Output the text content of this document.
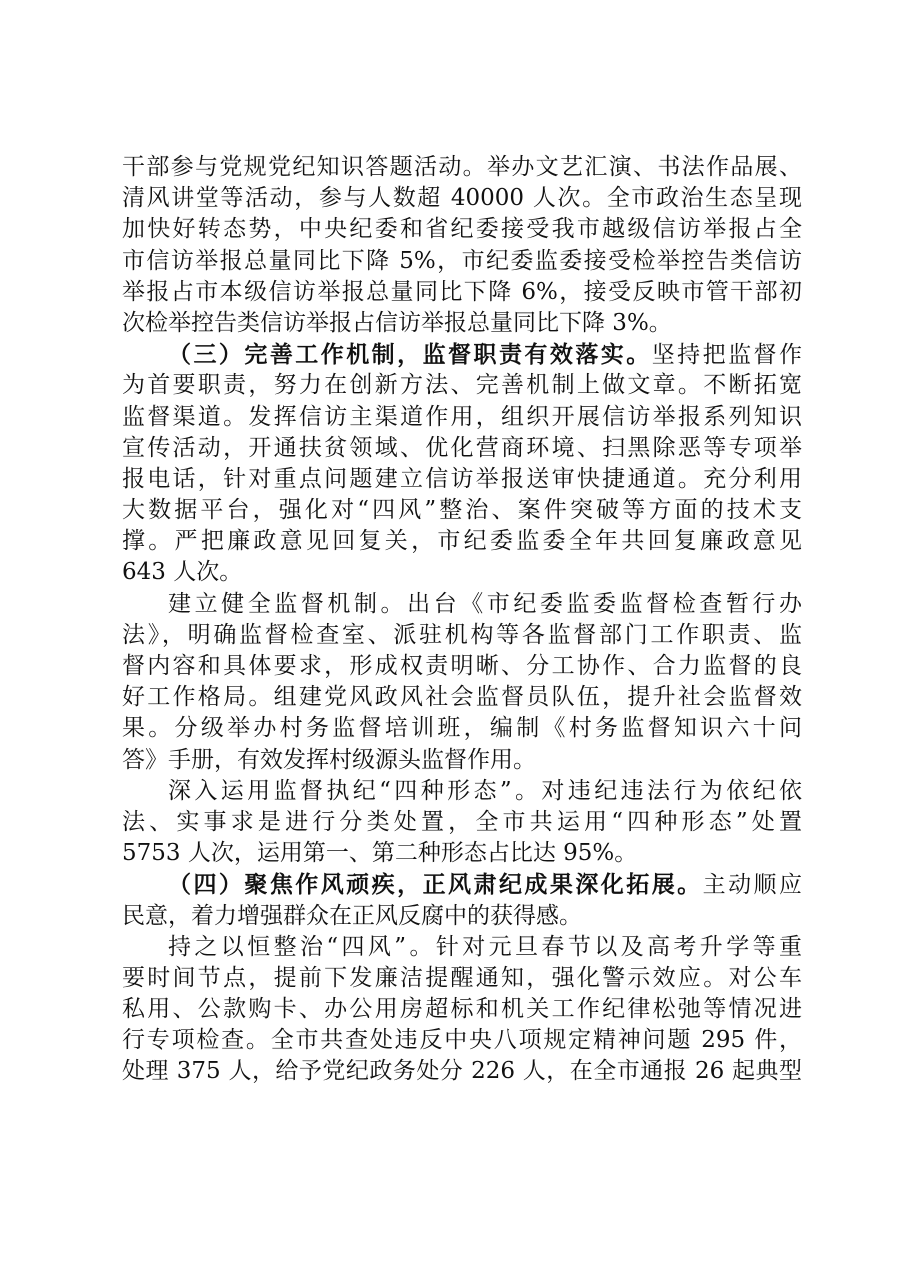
干部参与党规党纪知识答题活动。举办文艺汇演、书法作品展、
清风讲堂等活动，参与人数超 40000 人次。全市政治生态呈现
加快好转态势，中央纪委和省纪委接受我市越级信访举报占全
市信访举报总量同比下降 5%，市纪委监委接受检举控告类信访
举报占市本级信访举报总量同比下降 6%，接受反映市管干部初
次检举控告类信访举报占信访举报总量同比下降 3%。
（三）完善工作机制，监督职责有效落实。坚持把监督作
为首要职责，努力在创新方法、完善机制上做文章。不断拓宽
监督渠道。发挥信访主渠道作用，组织开展信访举报系列知识
宣传活动，开通扶贫领域、优化营商环境、扫黑除恶等专项举
报电话，针对重点问题建立信访举报送审快捷通道。充分利用
大数据平台，强化对“四风”整治、案件突破等方面的技术支
撑。严把廉政意见回复关，市纪委监委全年共回复廉政意见
643 人次。
建立健全监督机制。出台《市纪委监委监督检查暂行办
法》，明确监督检查室、派驻机构等各监督部门工作职责、监
督内容和具体要求，形成权责明晰、分工协作、合力监督的良
好工作格局。组建党风政风社会监督员队伍，提升社会监督效
果。分级举办村务监督培训班，编制《村务监督知识六十问
答》手册，有效发挥村级源头监督作用。
深入运用监督执纪“四种形态”。对违纪违法行为依纪依
法、实事求是进行分类处置，全市共运用“四种形态”处置
5753 人次，运用第一、第二种形态占比达 95%。
（四）聚焦作风顽疾，正风肃纪成果深化拓展。主动顺应
民意，着力增强群众在正风反腐中的获得感。
持之以恒整治“四风”。针对元旦春节以及高考升学等重
要时间节点，提前下发廉洁提醒通知，强化警示效应。对公车
私用、公款购卡、办公用房超标和机关工作纪律松弛等情况进
行专项检查。全市共查处违反中央八项规定精神问题 295 件，
处理 375 人，给予党纪政务处分 226 人，在全市通报 26 起典型
